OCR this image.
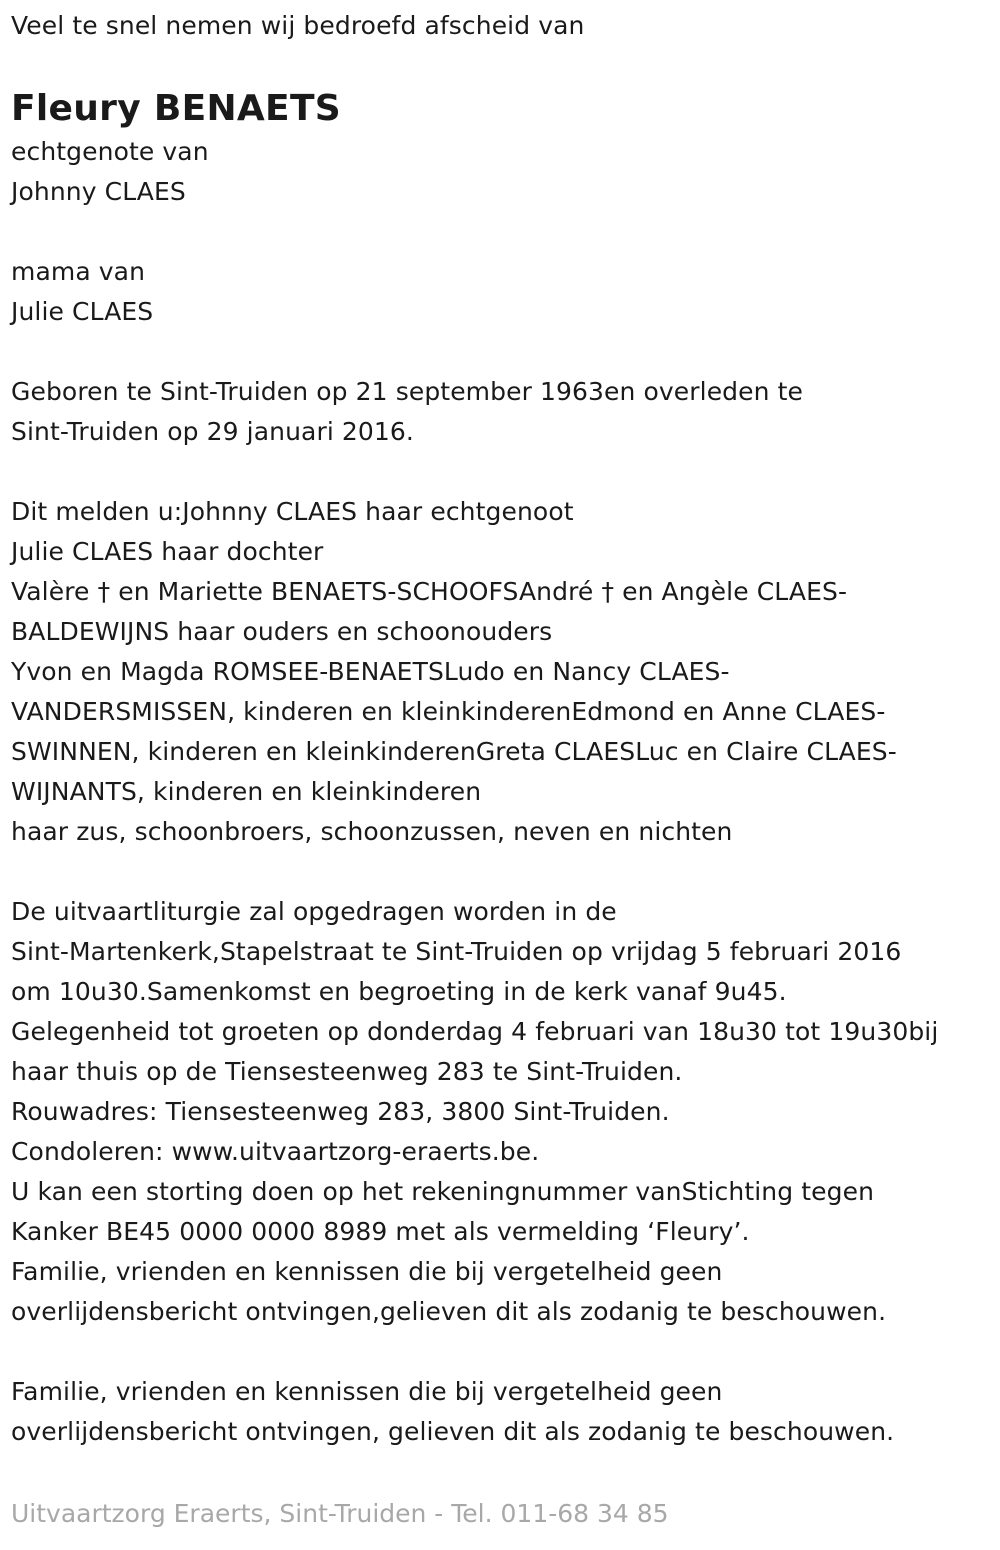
Veel te snel nemen wij bedroefd afscheid van
Fleury BENAETS
echtgenote van
Johnny CLAES
mama van
Julie CLAES
Geboren te Sint-Truiden op 21 september 1963en overleden te
Sint-Truiden op 29 januari 2016.
Dit melden u:Johnny CLAES haar echtgenoot
Julie CLAES haar dochter
Valère † en Mariette BENAETS-SCHOOFSAndré † en Angèle CLAES-
BALDEWIJNS haar ouders en schoonouders
Yvon en Magda ROMSEE-BENAETSLudo en Nancy CLAES-
VANDERSMISSEN, kinderen en kleinkinderenEdmond en Anne CLAES-
SWINNEN, kinderen en kleinkinderenGreta CLAESLuc en Claire CLAES-
WIJNANTS, kinderen en kleinkinderen
haar zus, schoonbroers, schoonzussen, neven en nichten
De uitvaartliturgie zal opgedragen worden in de
Sint-Martenkerk,Stapelstraat te Sint-Truiden op vrijdag 5 februari 2016
om 10u30.Samenkomst en begroeting in de kerk vanaf 9u45.
Gelegenheid tot groeten op donderdag 4 februari van 18u30 tot 19u30bij
haar thuis op de Tiensesteenweg 283 te Sint-Truiden.
Rouwadres: Tiensesteenweg 283, 3800 Sint-Truiden.
Condoleren: www.uitvaartzorg-eraerts.be.
U kan een storting doen op het rekeningnummer vanStichting tegen
Kanker BE45 0000 0000 8989 met als vermelding ‘Fleury’.
Familie, vrienden en kennissen die bij vergetelheid geen
overlijdensbericht ontvingen,gelieven dit als zodanig te beschouwen.
Familie, vrienden en kennissen die bij vergetelheid geen
overlijdensbericht ontvingen, gelieven dit als zodanig te beschouwen.
Uitvaartzorg Eraerts, Sint-Truiden - Tel. 011-68 34 85
